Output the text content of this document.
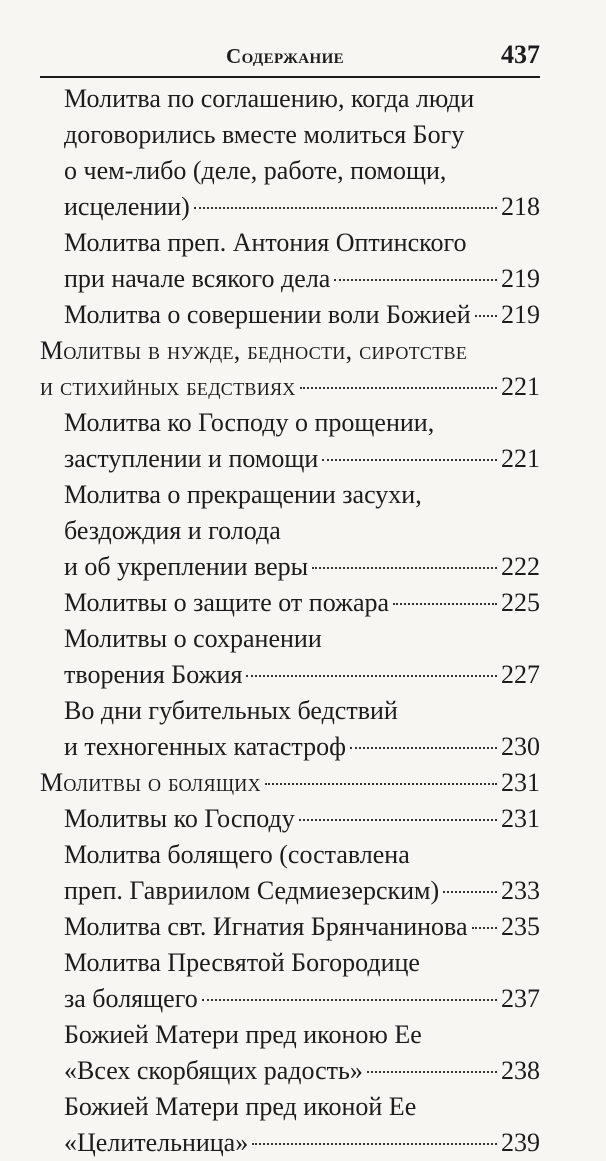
Содержание	437
Молитва по соглашению, когда люди
договорились вместе молиться Богу
о чем-либо (деле, работе, помощи,
исцелении)	218
Молитва преп. Антония Оптинского
при начале всякого дела	219
Молитва о совершении воли Божией 219
Молитвы в нужде, бедности, сиротстве
и стихийных бедствиях	221
Молитва ко Господу о прощении,
заступлении и помощи	221
Молитва о прекращении засухи,
бездождия и голода
и об укреплении веры	222
Молитвы о защите от пожара	225
Молитвы о сохранении
творения Божия	227
Во дни губительных бедствий
и техногенных катастроф	230
Молитвы о болящих	231
Молитвы ко Господу	231
Молитва болящего (составлена
преп. Гавриилом Седмиезерским) 233
Молитва свт. Игнатия Брянчанинова 235
Молитва Пресвятой Богородице
за болящего	237
Божией Матери пред иконою Ее
«Всех скорбящих радость»	238
Божией Матери пред иконой Ее
«Целительница»	239
